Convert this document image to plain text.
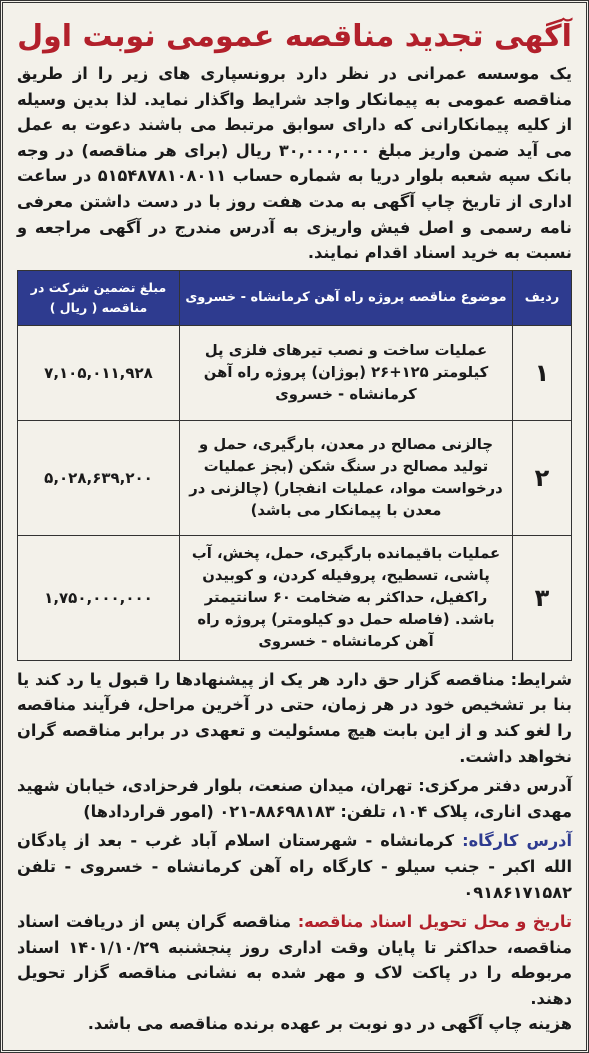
آگهی تجدید مناقصه عمومی نوبت اول

یک موسسه عمرانی در نظر دارد برونسپاری های زیر را از طریق مناقصه عمومی به پیمانکار واجد شرایط واگذار نماید. لذا بدین وسیله از کلیه پیمانکارانی که دارای سوابق مرتبط می باشند دعوت به عمل می آید ضمن واریز مبلغ ۳۰,۰۰۰,۰۰۰ ریال (برای هر مناقصه) در وجه بانک سپه شعبه بلوار دریا به شماره حساب ۵۱۵۴۸۷۸۱۰۸۰۱۱ در ساعت اداری از تاریخ چاپ آگهی به مدت هفت روز با در دست داشتن معرفی نامه رسمی و اصل فیش واریزی به آدرس مندرج در آگهی مراجعه و نسبت به خرید اسناد اقدام نمایند.

ردیف	موضوع مناقصه پروژه راه آهن کرمانشاه - خسروی	مبلغ تضمین شرکت در مناقصه ( ریال )
۱	عملیات ساخت و نصب تیرهای فلزی پل کیلومتر ۱۲۵+۲۶ (بوژان) پروژه راه آهن کرمانشاه - خسروی	۷,۱۰۵,۰۱۱,۹۲۸
۲	چالزنی مصالح در معدن، بارگیری، حمل و تولید مصالح در سنگ شکن (بجز عملیات درخواست مواد، عملیات انفجار) (چالزنی در معدن با پیمانکار می باشد)	۵,۰۲۸,۶۳۹,۲۰۰
۳	عملیات باقیمانده بارگیری، حمل، پخش، آب پاشی، تسطیح، پروفیله کردن، و کوبیدن راکفیل، حداکثر به ضخامت ۶۰ سانتیمتر باشد. (فاصله حمل دو کیلومتر) پروژه راه آهن کرمانشاه - خسروی	۱,۷۵۰,۰۰۰,۰۰۰

شرایط: مناقصه گزار حق دارد هر یک از پیشنهادها را قبول یا رد کند یا بنا بر تشخیص خود در هر زمان، حتی در آخرین مراحل، فرآیند مناقصه را لغو کند و از این بابت هیچ مسئولیت و تعهدی در برابر مناقصه گران نخواهد داشت.

آدرس دفتر مرکزی: تهران، میدان صنعت، بلوار فرحزادی، خیابان شهید مهدی اناری، پلاک ۱۰۴، تلفن: ۸۸۶۹۸۱۸۳-۰۲۱ (امور قراردادها)

آدرس کارگاه: کرمانشاه - شهرستان اسلام آباد غرب - بعد از پادگان الله اکبر - جنب سیلو - کارگاه راه آهن کرمانشاه - خسروی - تلفن ۰۹۱۸۶۱۷۱۵۸۲

تاریخ و محل تحویل اسناد مناقصه: مناقصه گران پس از دریافت اسناد مناقصه، حداکثر تا پایان وقت اداری روز پنجشنبه ۱۴۰۱/۱۰/۲۹ اسناد مربوطه را در پاکت لاک و مهر شده به نشانی مناقصه گزار تحویل دهند.

هزینه چاپ آگهی در دو نوبت بر عهده برنده مناقصه می باشد.
